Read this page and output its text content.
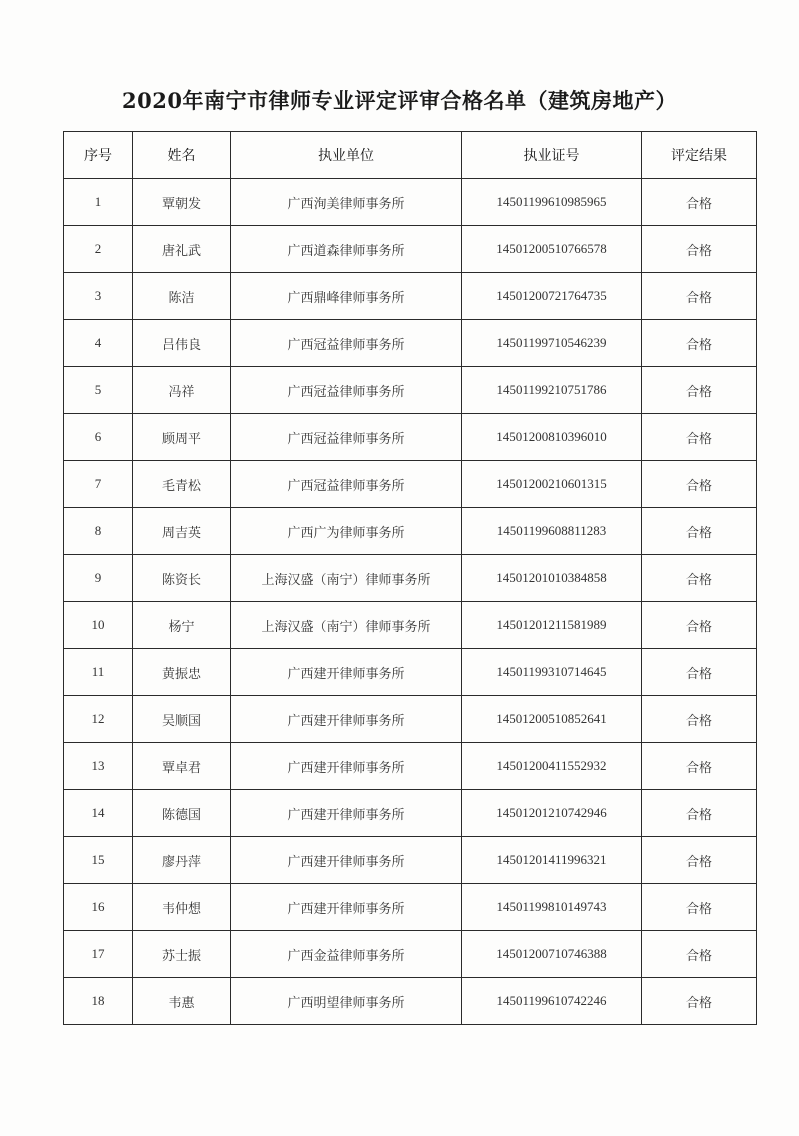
2020年南宁市律师专业评定评审合格名单（建筑房地产）
序号	姓名	执业单位	执业证号	评定结果
1	覃朝发	广西洵美律师事务所	14501199610985965	合格
2	唐礼武	广西道森律师事务所	14501200510766578	合格
3	陈洁	广西鼎峰律师事务所	14501200721764735	合格
4	吕伟良	广西冠益律师事务所	14501199710546239	合格
5	冯祥	广西冠益律师事务所	14501199210751786	合格
6	顾周平	广西冠益律师事务所	14501200810396010	合格
7	毛青松	广西冠益律师事务所	14501200210601315	合格
8	周吉英	广西广为律师事务所	14501199608811283	合格
9	陈资长	上海汉盛（南宁）律师事务所	14501201010384858	合格
10	杨宁	上海汉盛（南宁）律师事务所	14501201211581989	合格
11	黄振忠	广西建开律师事务所	14501199310714645	合格
12	吴顺国	广西建开律师事务所	14501200510852641	合格
13	覃卓君	广西建开律师事务所	14501200411552932	合格
14	陈德国	广西建开律师事务所	14501201210742946	合格
15	廖丹萍	广西建开律师事务所	14501201411996321	合格
16	韦仲想	广西建开律师事务所	14501199810149743	合格
17	苏士振	广西金益律师事务所	14501200710746388	合格
18	韦惠	广西明望律师事务所	14501199610742246	合格
